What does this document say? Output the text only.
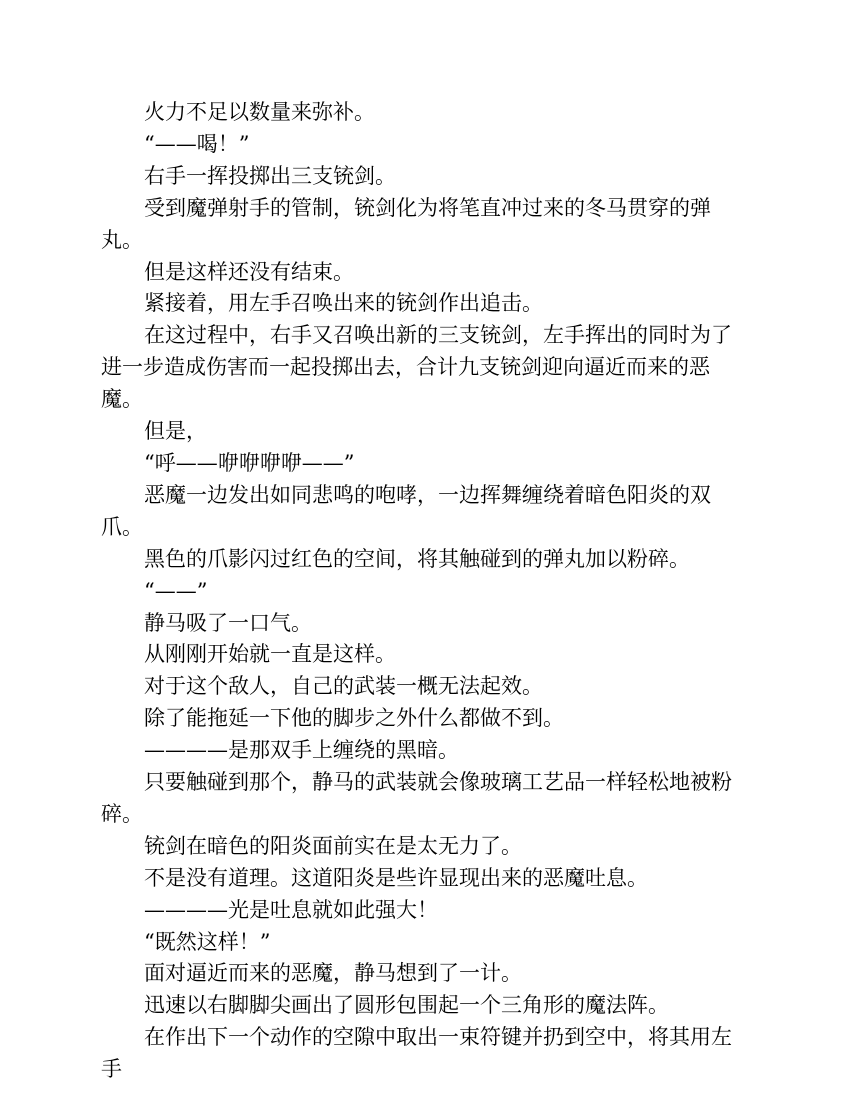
火力不足以数量来弥补。

“——喝！”

右手一挥投掷出三支铳剑。

受到魔弹射手的管制，铳剑化为将笔直冲过来的冬马贯穿的弹丸。

但是这样还没有结束。

紧接着，用左手召唤出来的铳剑作出追击。

在这过程中，右手又召唤出新的三支铳剑，左手挥出的同时为了进一步造成伤害而一起投掷出去，合计九支铳剑迎向逼近而来的恶魔。

但是，

“呼——咿咿咿咿——”

恶魔一边发出如同悲鸣的咆哮，一边挥舞缠绕着暗色阳炎的双爪。

黑色的爪影闪过红色的空间，将其触碰到的弹丸加以粉碎。

“——”

静马吸了一口气。

从刚刚开始就一直是这样。

对于这个敌人，自己的武装一概无法起效。

除了能拖延一下他的脚步之外什么都做不到。

————是那双手上缠绕的黑暗。

只要触碰到那个，静马的武装就会像玻璃工艺品一样轻松地被粉碎。

铳剑在暗色的阳炎面前实在是太无力了。

不是没有道理。这道阳炎是些许显现出来的恶魔吐息。

————光是吐息就如此强大！

“既然这样！”

面对逼近而来的恶魔，静马想到了一计。

迅速以右脚脚尖画出了圆形包围起一个三角形的魔法阵。

在作出下一个动作的空隙中取出一束符键并扔到空中，将其用左手
